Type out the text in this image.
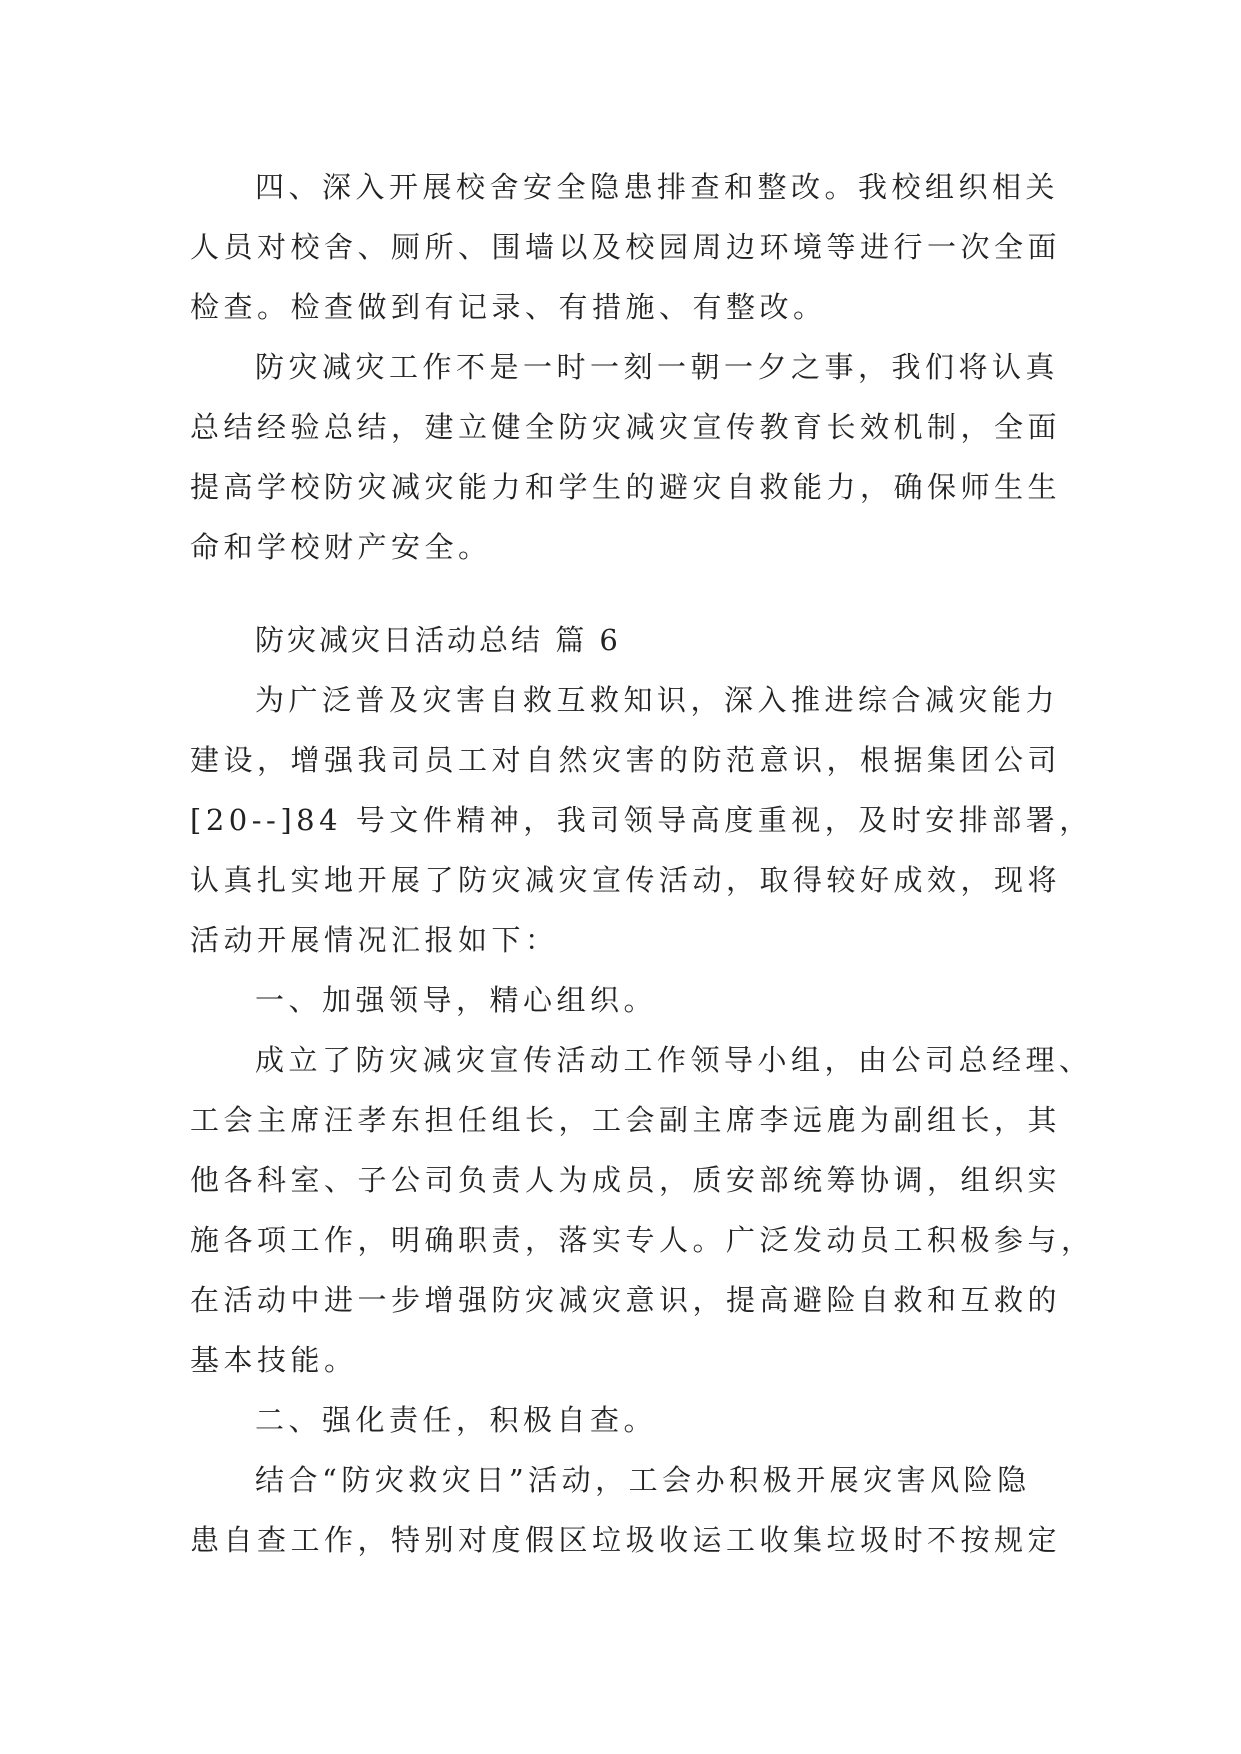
四、深入开展校舍安全隐患排查和整改。我校组织相关
人员对校舍、厕所、围墙以及校园周边环境等进行一次全面
检查。检查做到有记录、有措施、有整改。
防灾减灾工作不是一时一刻一朝一夕之事，我们将认真
总结经验总结，建立健全防灾减灾宣传教育长效机制，全面
提高学校防灾减灾能力和学生的避灾自救能力，确保师生生
命和学校财产安全。
防灾减灾日活动总结 篇 6
为广泛普及灾害自救互救知识，深入推进综合减灾能力
建设，增强我司员工对自然灾害的防范意识，根据集团公司
[20--]84 号文件精神，我司领导高度重视，及时安排部署，
认真扎实地开展了防灾减灾宣传活动，取得较好成效，现将
活动开展情况汇报如下：
一、加强领导，精心组织。
成立了防灾减灾宣传活动工作领导小组，由公司总经理、
工会主席汪孝东担任组长，工会副主席李远鹿为副组长，其
他各科室、子公司负责人为成员，质安部统筹协调，组织实
施各项工作，明确职责，落实专人。广泛发动员工积极参与，
在活动中进一步增强防灾减灾意识，提高避险自救和互救的
基本技能。
二、强化责任，积极自查。
结合“防灾救灾日”活动，工会办积极开展灾害风险隐
患自查工作，特别对度假区垃圾收运工收集垃圾时不按规定
